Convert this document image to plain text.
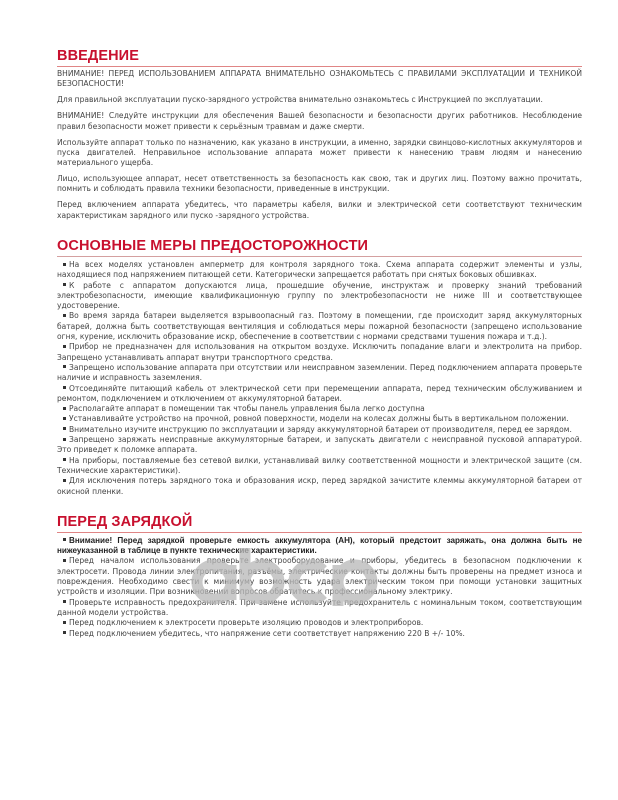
ВВЕДЕНИЕ

ВНИМАНИЕ! ПЕРЕД ИСПОЛЬЗОВАНИЕМ АППАРАТА ВНИМАТЕЛЬНО ОЗНАКОМЬТЕСЬ С ПРАВИЛАМИ ЭКСПЛУАТАЦИИ И ТЕХНИКОЙ БЕЗОПАСНОСТИ!

Для правильной эксплуатации пуско-зарядного устройства внимательно ознакомьтесь с Инструкцией по эксплуатации.

ВНИМАНИЕ! Следуйте инструкции для обеспечения Вашей безопасности и безопасности других работников. Несоблюдение правил безопасности может привести к серьёзным травмам и даже смерти.

Используйте аппарат только по назначению, как указано в инструкции, а именно, зарядки свинцово-кислотных аккумуляторов и пуска двигателей. Неправильное использование аппарата может привести к нанесению травм людям и нанесению материального ущерба.

Лицо, использующее аппарат, несет ответственность за безопасность как свою, так и других лиц. Поэтому важно прочитать, помнить и соблюдать правила техники безопасности, приведенные в инструкции.

Перед включением аппарата убедитесь, что параметры кабеля, вилки и электрической сети соответствуют техническим характеристикам зарядного или пуско -зарядного устройства.

ОСНОВНЫЕ МЕРЫ ПРЕДОСТОРОЖНОСТИ

На всех моделях установлен амперметр для контроля зарядного тока. Схема аппарата содержит элементы и узлы, находящиеся под напряжением питающей сети. Категорически запрещается работать при снятых боковых обшивках.

К работе с аппаратом допускаются лица, прошедшие обучение, инструктаж и проверку знаний требований электробезопасности, имеющие квалификационную группу по электробезопасности не ниже III и соответствующее удостоверение.

Во время заряда батареи выделяется взрывоопасный газ. Поэтому в помещении, где происходит заряд аккумуляторных батарей, должна быть соответствующая вентиляция и соблюдаться меры пожарной безопасности (запрещено использование огня, курение, исключить образование искр, обеспечение в соответствии с нормами средствами тушения пожара и т.д.).

Прибор не предназначен для использования на открытом воздухе. Исключить попадание влаги и электролита на прибор. Запрещено устанавливать аппарат внутри транспортного средства.

Запрещено использование аппарата при отсутствии или неисправном заземлении. Перед подключением аппарата проверьте наличие и исправность заземления.

Отсоединяйте питающий кабель от электрической сети при перемещении аппарата, перед техническим обслуживанием и ремонтом, подключением и отключением от аккумуляторной батареи.

Располагайте аппарат в помещении так чтобы панель управления была легко доступна

Устанавливайте устройство на прочной, ровной поверхности, модели на колесах должны быть в вертикальном положении.

Внимательно изучите инструкцию по эксплуатации и заряду аккумуляторной батареи от производителя, перед ее зарядом.

Запрещено заряжать неисправные аккумуляторные батареи, и запускать двигатели с неисправной пусковой аппаратурой. Это приведет к поломке аппарата.

На приборы, поставляемые без сетевой вилки, устанавливай вилку соответственной мощности и электрической защите (см. Технические характеристики).

Для исключения потерь зарядного тока и образования искр, перед зарядкой зачистите клеммы аккумуляторной батареи от окисной пленки.

ПЕРЕД ЗАРЯДКОЙ

Внимание! Перед зарядкой проверьте емкость аккумулятора (АН), который предстоит заряжать, она должна быть не нижеуказанной в таблице в пункте технические характеристики.

Перед началом использования проверьте электрооборудование и приборы, убедитесь в безопасном подключении к электросети. Провода линии электропитания, разъёмы, электрические контакты должны быть проверены на предмет износа и повреждения. Необходимо свести к минимуму возможность удара электрическим током при помощи установки защитных устройств и изоляции. При возникновении вопросов обратитесь к профессиональному электрику.

Проверьте исправность предохранителя. При замене используйте предохранитель с номинальным током, соответствующим данной модели устройства.

Перед подключением к электросети проверьте изоляцию проводов и электроприборов.

Перед подключением убедитесь, что напряжение сети соответствует напряжению 220 В +/- 10%.
